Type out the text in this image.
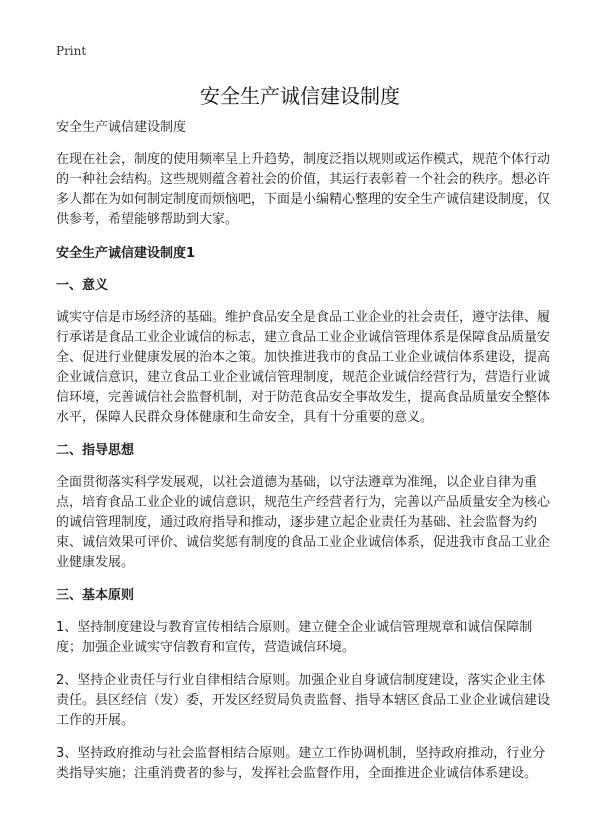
Print
安全生产诚信建设制度

安全生产诚信建设制度

在现在社会，制度的使用频率呈上升趋势，制度泛指以规则或运作模式，规范个体行动的一种社会结构。这些规则蕴含着社会的价值，其运行表彰着一个社会的秩序。想必许多人都在为如何制定制度而烦恼吧，下面是小编精心整理的安全生产诚信建设制度，仅供参考，希望能够帮助到大家。

安全生产诚信建设制度1

一、意义

诚实守信是市场经济的基础。维护食品安全是食品工业企业的社会责任，遵守法律、履行承诺是食品工业企业诚信的标志，建立食品工业企业诚信管理体系是保障食品质量安全、促进行业健康发展的治本之策。加快推进我市的食品工业企业诚信体系建设，提高企业诚信意识，建立食品工业企业诚信管理制度，规范企业诚信经营行为，营造行业诚信环境，完善诚信社会监督机制，对于防范食品安全事故发生，提高食品质量安全整体水平，保障人民群众身体健康和生命安全，具有十分重要的意义。

二、指导思想

全面贯彻落实科学发展观，以社会道德为基础，以守法遵章为准绳，以企业自律为重点，培育食品工业企业的诚信意识，规范生产经营者行为，完善以产品质量安全为核心的诚信管理制度，通过政府指导和推动，逐步建立起企业责任为基础、社会监督为约束、诚信效果可评价、诚信奖惩有制度的食品工业企业诚信体系，促进我市食品工业企业健康发展。

三、基本原则

1、坚持制度建设与教育宣传相结合原则。建立健全企业诚信管理规章和诚信保障制度；加强企业诚实守信教育和宣传，营造诚信环境。

2、坚持企业责任与行业自律相结合原则。加强企业自身诚信制度建设，落实企业主体责任。县区经信（发）委，开发区经贸局负责监督、指导本辖区食品工业企业诚信建设工作的开展。

3、坚持政府推动与社会监督相结合原则。建立工作协调机制，坚持政府推动，行业分类指导实施；注重消费者的参与，发挥社会监督作用，全面推进企业诚信体系建设。
